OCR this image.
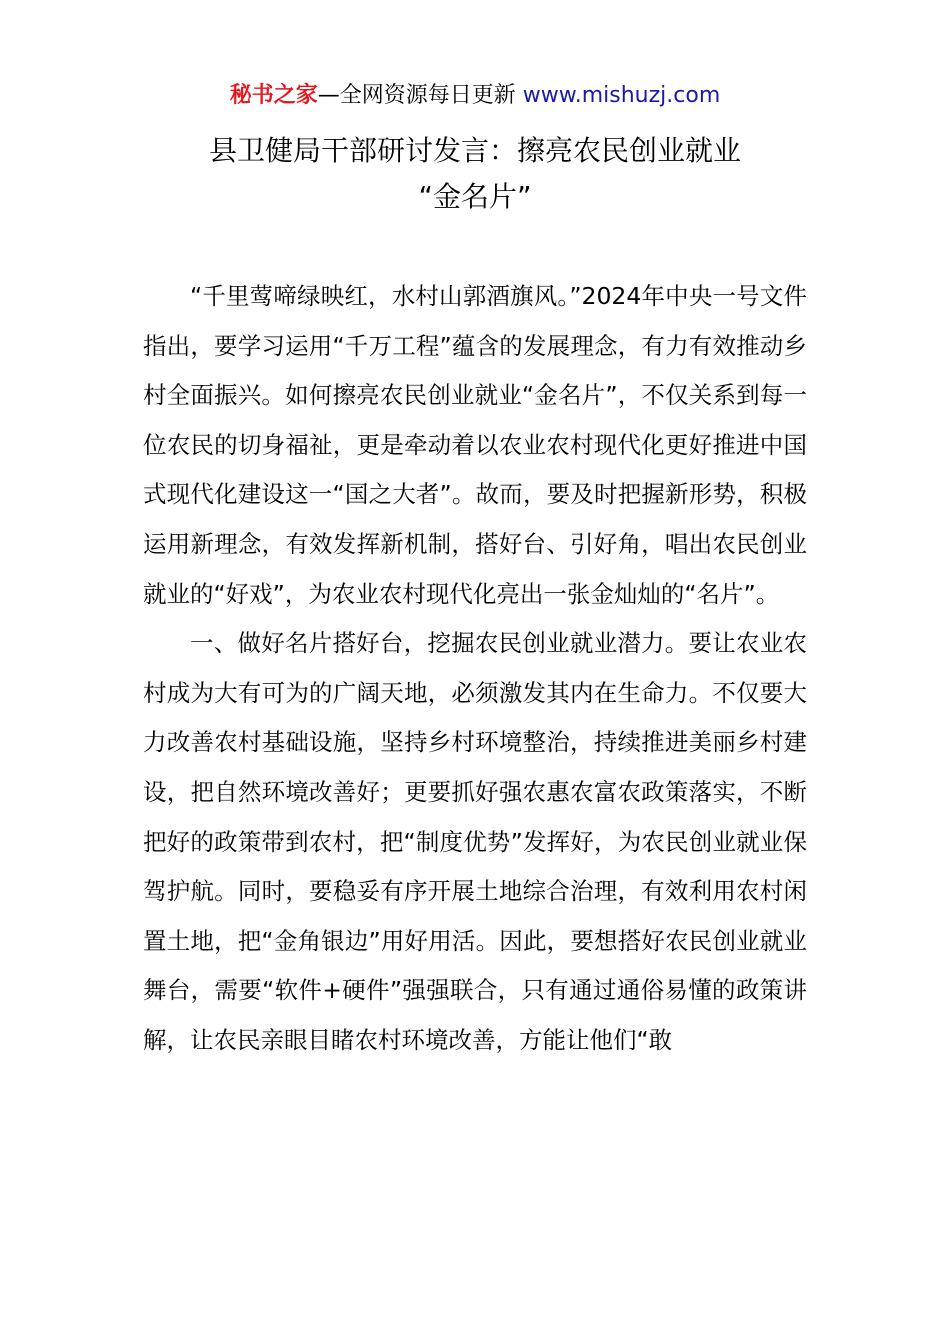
秘书之家—全网资源每日更新 www.mishuzj.com
县卫健局干部研讨发言：擦亮农民创业就业
“金名片”

“千里莺啼绿映红，水村山郭酒旗风。”2024年中央一号文件指出，要学习运用“千万工程”蕴含的发展理念，有力有效推动乡村全面振兴。如何擦亮农民创业就业“金名片”，不仅关系到每一位农民的切身福祉，更是牵动着以农业农村现代化更好推进中国式现代化建设这一“国之大者”。故而，要及时把握新形势，积极运用新理念，有效发挥新机制，搭好台、引好角，唱出农民创业就业的“好戏”，为农业农村现代化亮出一张金灿灿的“名片”。

一、做好名片搭好台，挖掘农民创业就业潜力。要让农业农村成为大有可为的广阔天地，必须激发其内在生命力。不仅要大力改善农村基础设施，坚持乡村环境整治，持续推进美丽乡村建设，把自然环境改善好；更要抓好强农惠农富农政策落实，不断把好的政策带到农村，把“制度优势”发挥好，为农民创业就业保驾护航。同时，要稳妥有序开展土地综合治理，有效利用农村闲置土地，把“金角银边”用好用活。因此，要想搭好农民创业就业舞台，需要“软件+硬件”强强联合，只有通过通俗易懂的政策讲解，让农民亲眼目睹农村环境改善，方能让他们“敢
